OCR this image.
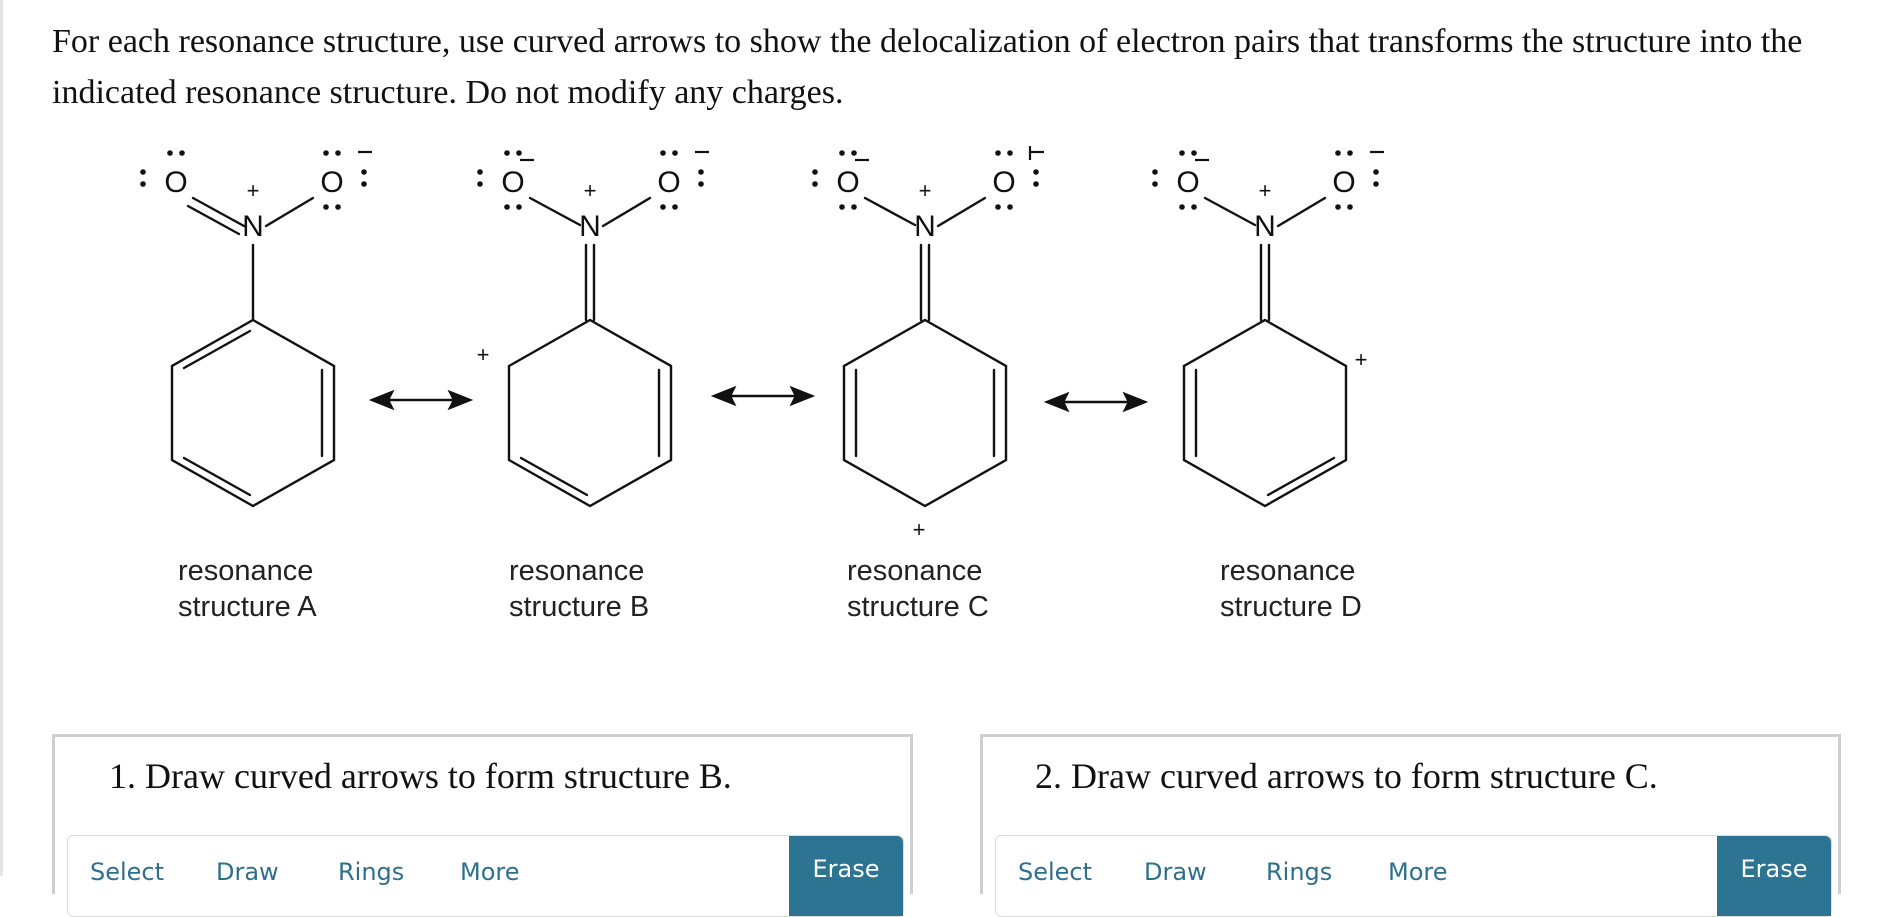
For each resonance structure, use curved arrows to show the delocalization of electron pairs that transforms the structure into the indicated resonance structure. Do not modify any charges.

O
N
O	O
N
O	O
N
O	O
N
O
+	+	+	+
+
+
+
resonance
structure A
resonance
structure B
resonance
structure C
resonance
structure D
1. Draw curved arrows to form structure B.
Select Draw Rings More	Erase
2. Draw curved arrows to form structure C.
Select Draw Rings More	Erase
